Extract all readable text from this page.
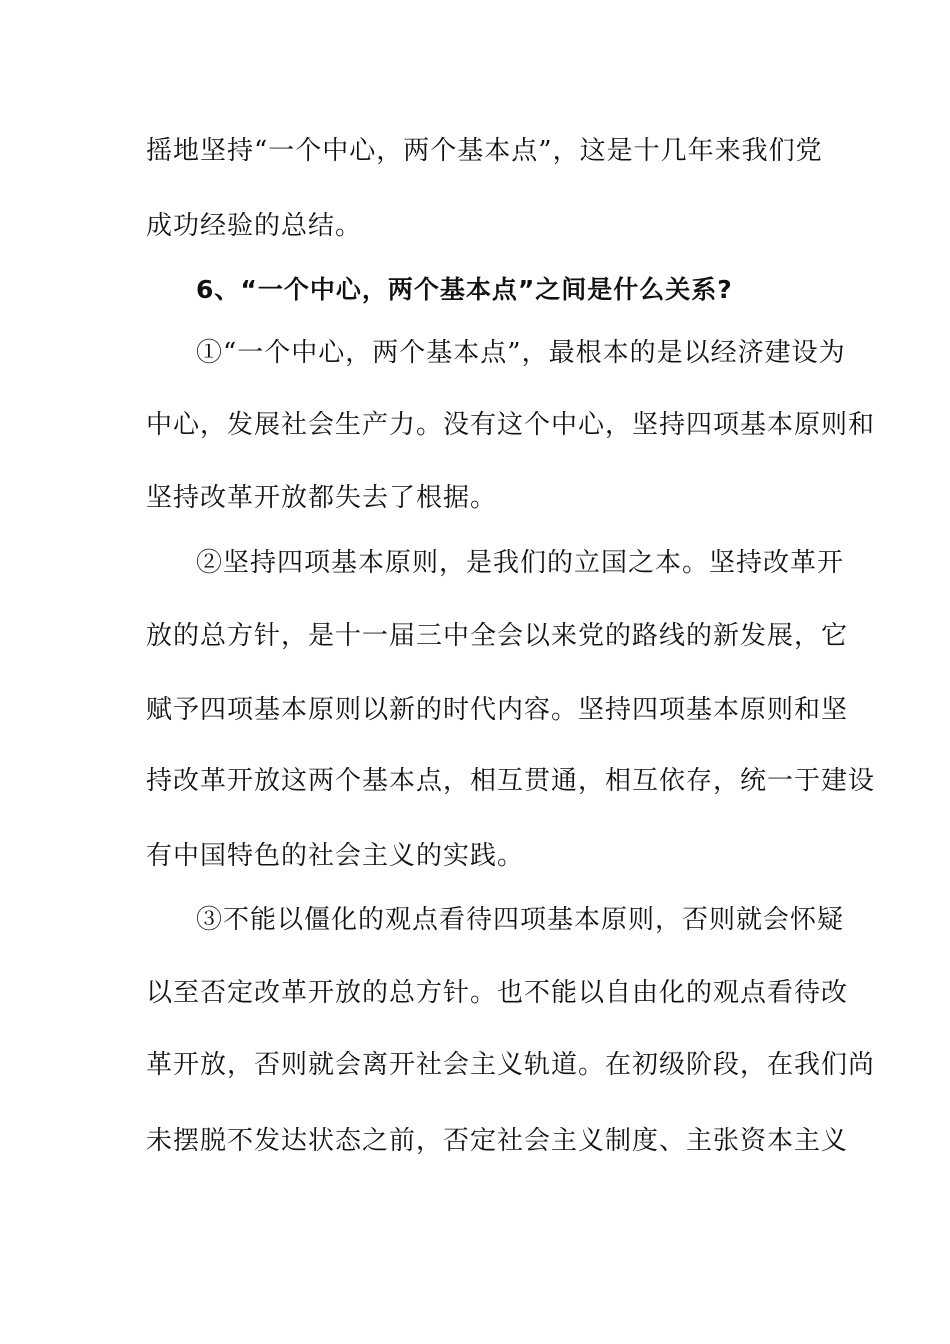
摇地坚持“一个中心，两个基本点”，这是十几年来我们党
成功经验的总结。
6、“一个中心，两个基本点”之间是什么关系?
①“一个中心，两个基本点”，最根本的是以经济建设为
中心，发展社会生产力。没有这个中心，坚持四项基本原则和
坚持改革开放都失去了根据。
②坚持四项基本原则，是我们的立国之本。坚持改革开
放的总方针，是十一届三中全会以来党的路线的新发展，它
赋予四项基本原则以新的时代内容。坚持四项基本原则和坚
持改革开放这两个基本点，相互贯通，相互依存，统一于建设
有中国特色的社会主义的实践。
③不能以僵化的观点看待四项基本原则，否则就会怀疑
以至否定改革开放的总方针。也不能以自由化的观点看待改
革开放，否则就会离开社会主义轨道。在初级阶段，在我们尚
未摆脱不发达状态之前，否定社会主义制度、主张资本主义
